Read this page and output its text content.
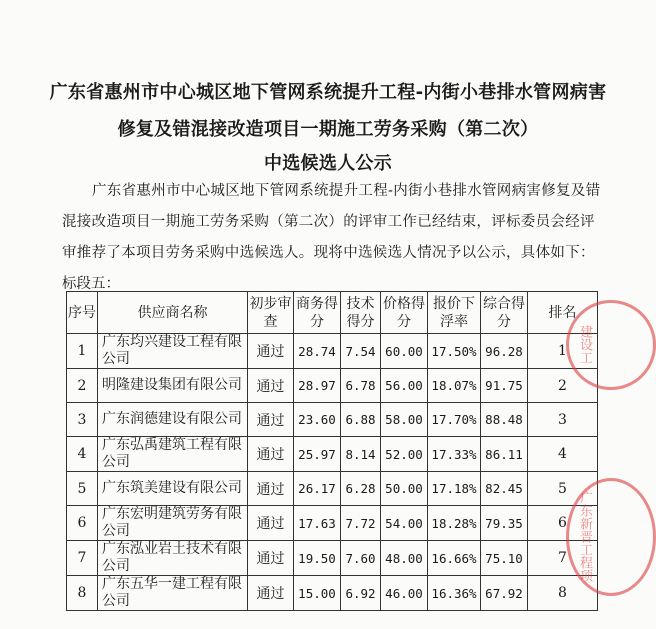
广东省惠州市中心城区地下管网系统提升工程-内街小巷排水管网病害
修复及错混接改造项目一期施工劳务采购（第二次）
中选候选人公示
广东省惠州市中心城区地下管网系统提升工程-内街小巷排水管网病害修复及错混接改造项目一期施工劳务采购（第二次）的评审工作已经结束，评标委员会经评审推荐了本项目劳务采购中选候选人。现将中选候选人情况予以公示，具体如下：
标段五：
序号	供应商名称	初步审查	商务得分	技术得分	价格得分	报价下浮率	综合得分	排名
1	广东均兴建设工程有限公司	通过	28.74	7.54	60.00	17.50%	96.28	1
2	明隆建设集团有限公司	通过	28.97	6.78	56.00	18.07%	91.75	2
3	广东润德建设有限公司	通过	23.60	6.88	58.00	17.70%	88.48	3
4	广东弘禹建筑工程有限公司	通过	25.97	8.14	52.00	17.33%	86.11	4
5	广东筑美建设有限公司	通过	26.17	6.28	50.00	17.18%	82.45	5
6	广东宏明建筑劳务有限公司	通过	17.63	7.72	54.00	18.28%	79.35	6
7	广东泓业岩土技术有限公司	通过	19.50	7.60	48.00	16.66%	75.10	7
8	广东五华一建工程有限公司	通过	15.00	6.92	46.00	16.36%	67.92	8
建设工
广东新晋工程项
